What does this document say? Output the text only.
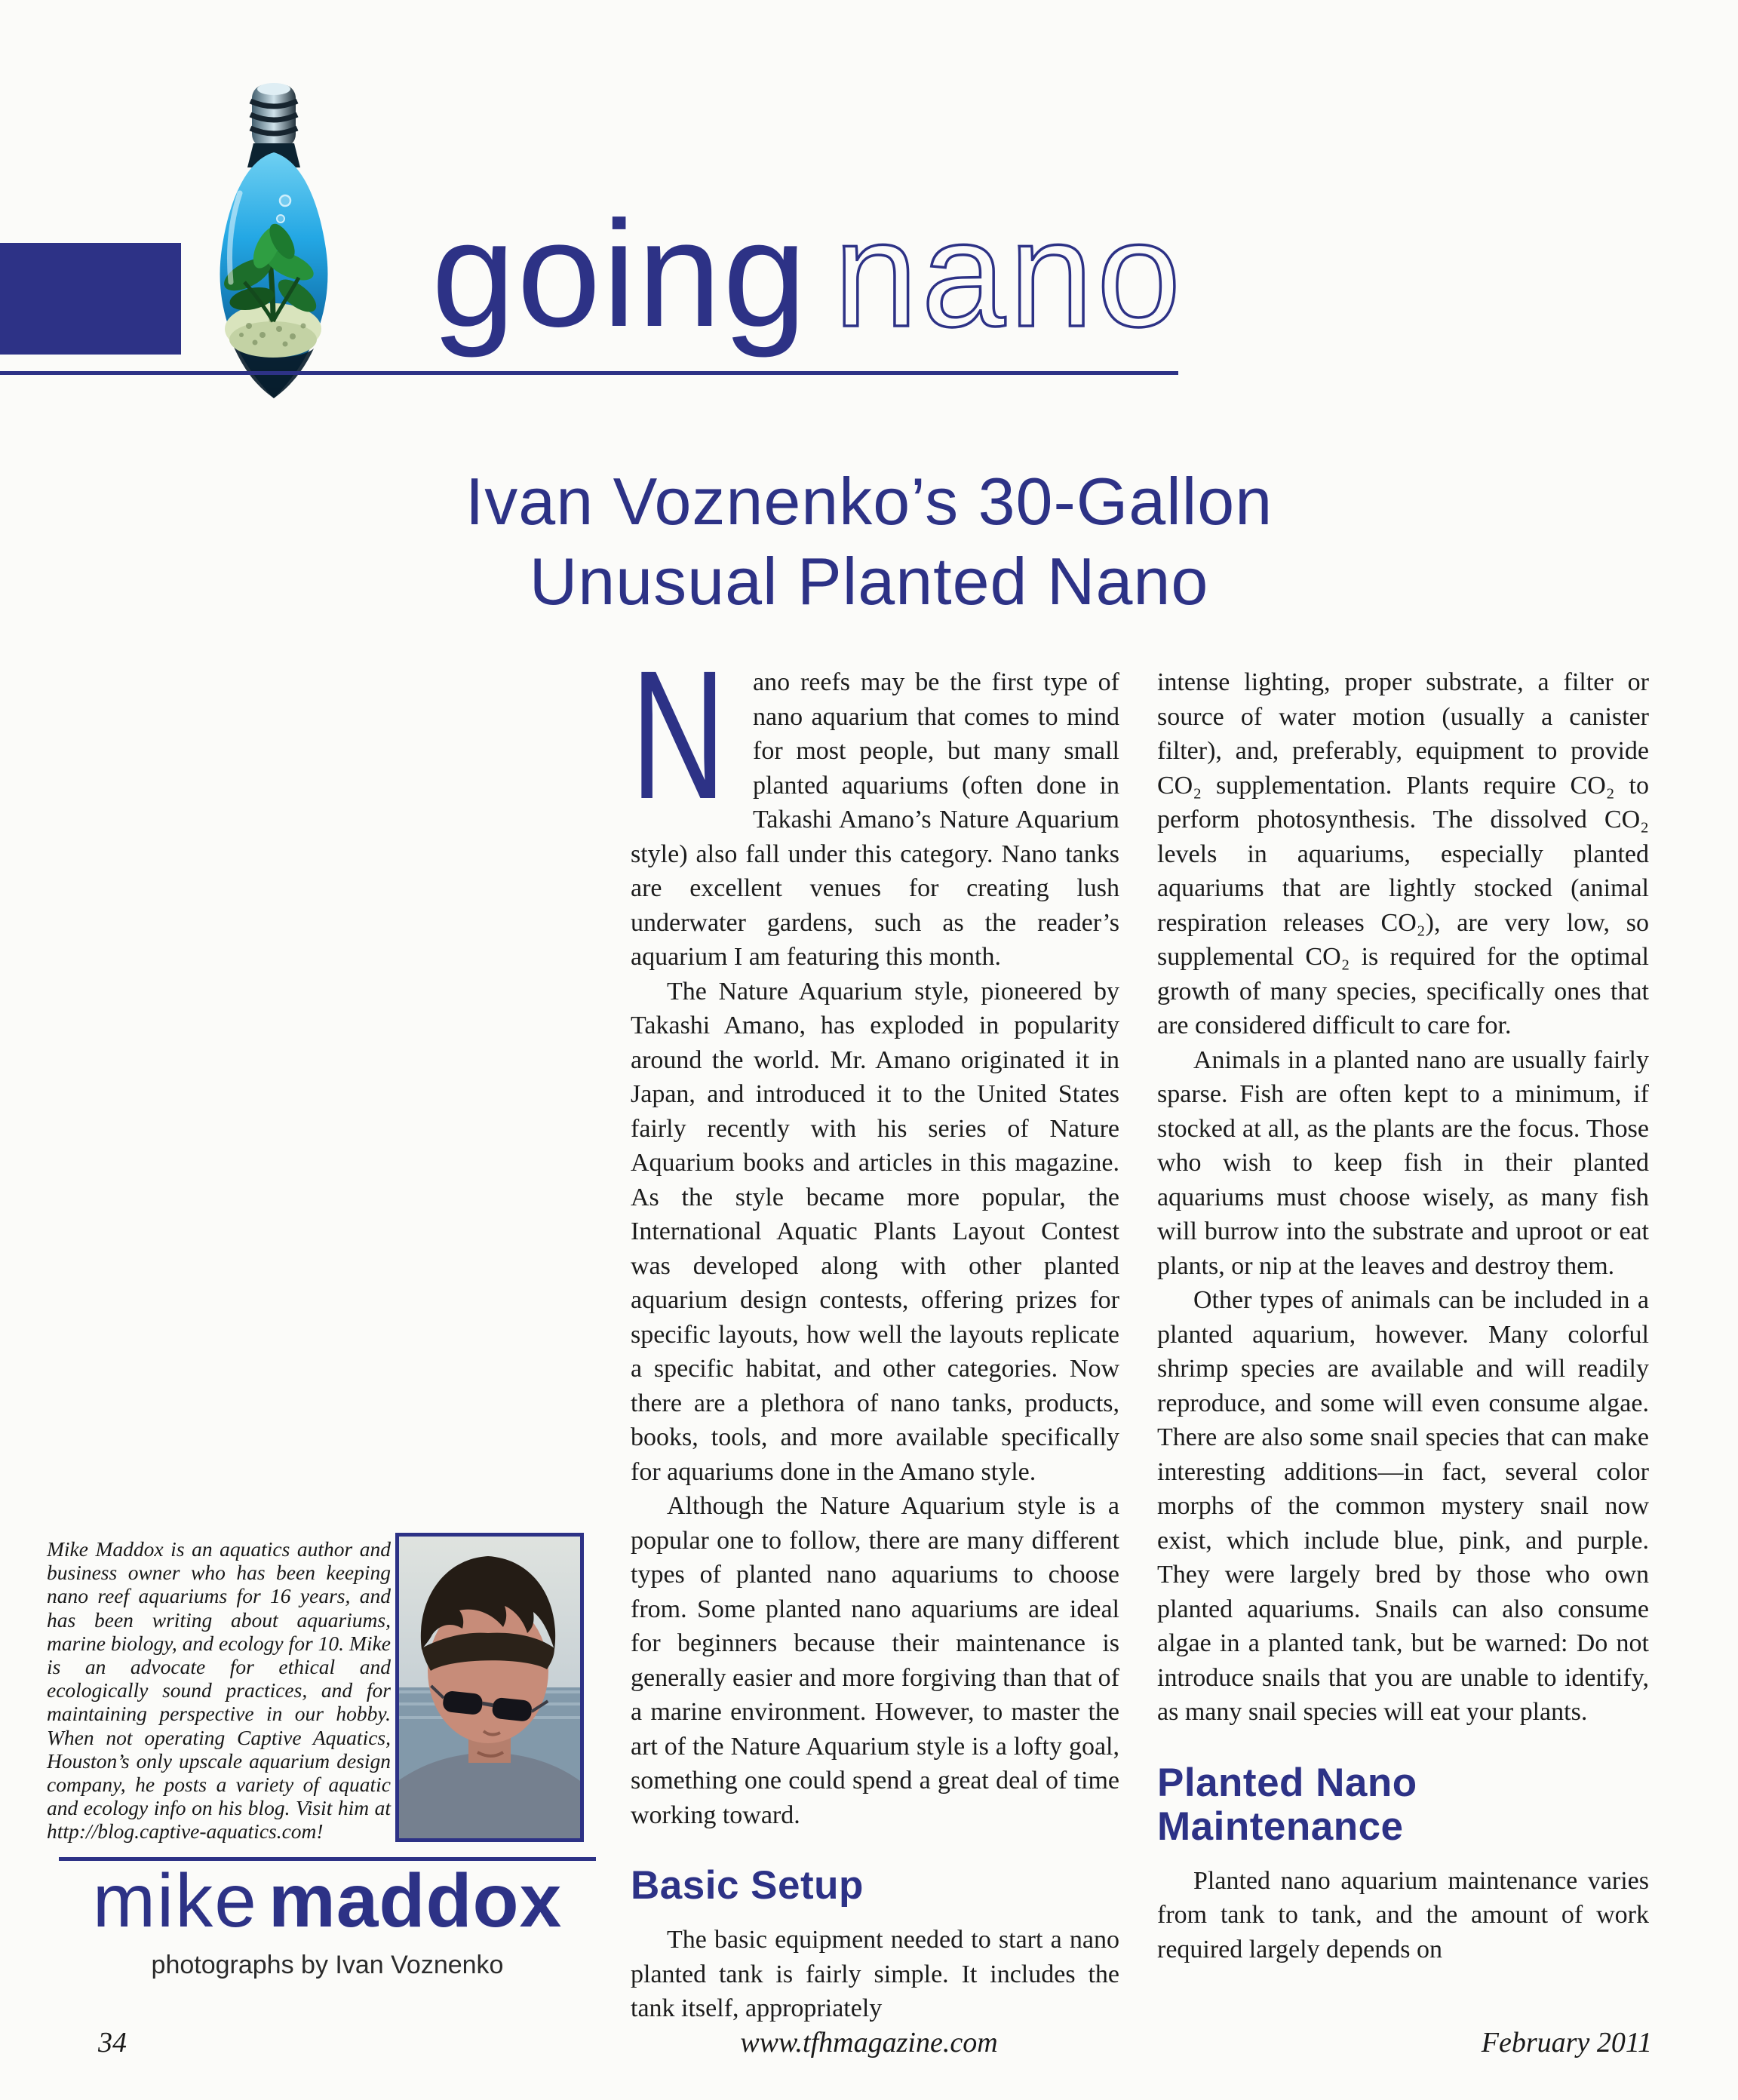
going nano
Ivan Voznenko’s 30-Gallon
Unusual Planted Nano

N ano reefs may be the first type of nano aquarium that comes to mind for most people, but many small planted aquariums (often done in Takashi Amano’s Nature Aquarium style) also fall under this category. Nano tanks are excellent venues for creating lush underwater gardens, such as the reader’s aquarium I am featuring this month.

The Nature Aquarium style, pioneered by Takashi Amano, has exploded in popularity around the world. Mr. Amano originated it in Japan, and introduced it to the United States fairly recently with his series of Nature Aquarium books and articles in this magazine. As the style became more popular, the International Aquatic Plants Layout Contest was developed along with other planted aquarium design contests, offering prizes for specific layouts, how well the layouts replicate a specific habitat, and other categories. Now there are a plethora of nano tanks, products, books, tools, and more available specifically for aquariums done in the Amano style.

Although the Nature Aquarium style is a popular one to follow, there are many different types of planted nano aquariums to choose from. Some planted nano aquariums are ideal for beginners because their maintenance is generally easier and more forgiving than that of a marine environment. However, to master the art of the Nature Aquarium style is a lofty goal, something one could spend a great deal of time working toward.

Basic Setup

The basic equipment needed to start a nano planted tank is fairly simple. It includes the tank itself, appropriately

intense lighting, proper substrate, a filter or source of water motion (usually a canister filter), and, preferably, equipment to provide CO₂ supplementation. Plants require CO₂ to perform photosynthesis. The dissolved CO₂ levels in aquariums, especially planted aquariums that are lightly stocked (animal respiration releases CO₂), are very low, so supplemental CO₂ is required for the optimal growth of many species, specifically ones that are considered difficult to care for.

Animals in a planted nano are usually fairly sparse. Fish are often kept to a minimum, if stocked at all, as the plants are the focus. Those who wish to keep fish in their planted aquariums must choose wisely, as many fish will burrow into the substrate and uproot or eat plants, or nip at the leaves and destroy them.

Other types of animals can be included in a planted aquarium, however. Many colorful shrimp species are available and will readily reproduce, and some will even consume algae. There are also some snail species that can make interesting additions—in fact, several color morphs of the common mystery snail now exist, which include blue, pink, and purple. They were largely bred by those who own planted aquariums. Snails can also consume algae in a planted tank, but be warned: Do not introduce snails that you are unable to identify, as many snail species will eat your plants.

Planted Nano
Maintenance

Planted nano aquarium maintenance varies from tank to tank, and the amount of work required largely depends on

Mike Maddox is an aquatics author and business owner who has been keeping nano reef aquariums for 16 years, and has been writing about aquariums, marine biology, and ecology for 10. Mike is an advocate for ethical and ecologically sound practices, and for maintaining perspective in our hobby. When not operating Captive Aquatics, Houston’s only upscale aquarium design company, he posts a variety of aquatic and ecology info on his blog. Visit him at http://blog.captive-aquatics.com!
mike maddox
photographs by Ivan Voznenko
www.tfhmagazine.com
34	February 2011
